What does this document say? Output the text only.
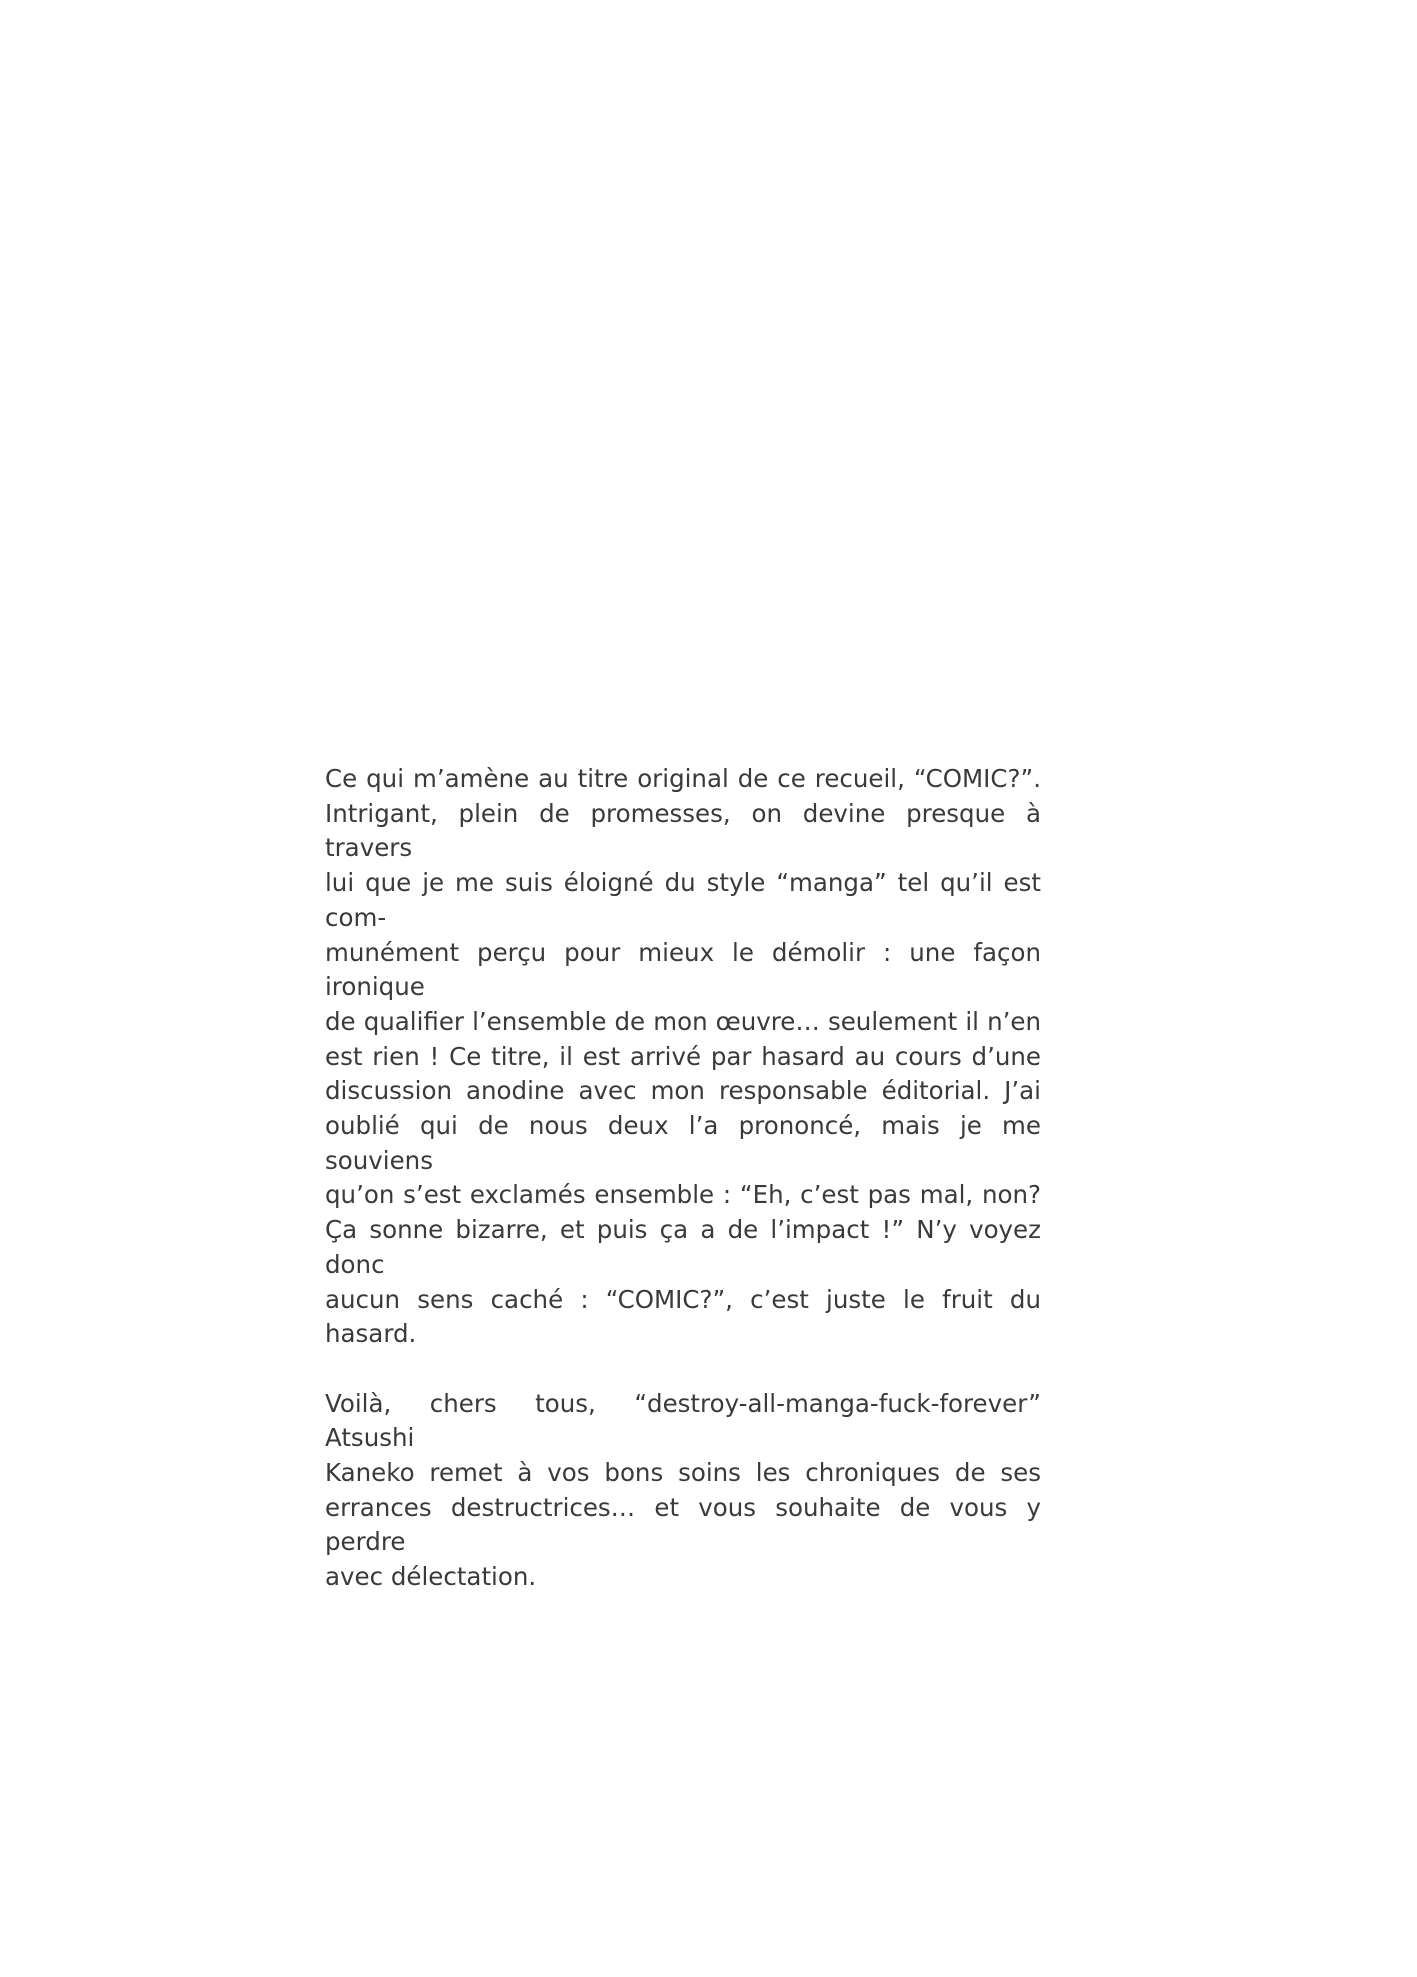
Ce qui m’amène au titre original de ce recueil, “COMIC?”.
Intrigant, plein de promesses, on devine presque à travers
lui que je me suis éloigné du style “manga” tel qu’il est com-
munément perçu pour mieux le démolir : une façon ironique
de qualifier l’ensemble de mon œuvre… seulement il n’en
est rien ! Ce titre, il est arrivé par hasard au cours d’une
discussion anodine avec mon responsable éditorial. J’ai
oublié qui de nous deux l’a prononcé, mais je me souviens
qu’on s’est exclamés ensemble : “Eh, c’est pas mal, non?
Ça sonne bizarre, et puis ça a de l’impact !” N’y voyez donc
aucun sens caché : “COMIC?”, c’est juste le fruit du hasard.
Voilà, chers tous, “destroy-all-manga-fuck-forever” Atsushi
Kaneko remet à vos bons soins les chroniques de ses
errances destructrices… et vous souhaite de vous y perdre
avec délectation.
